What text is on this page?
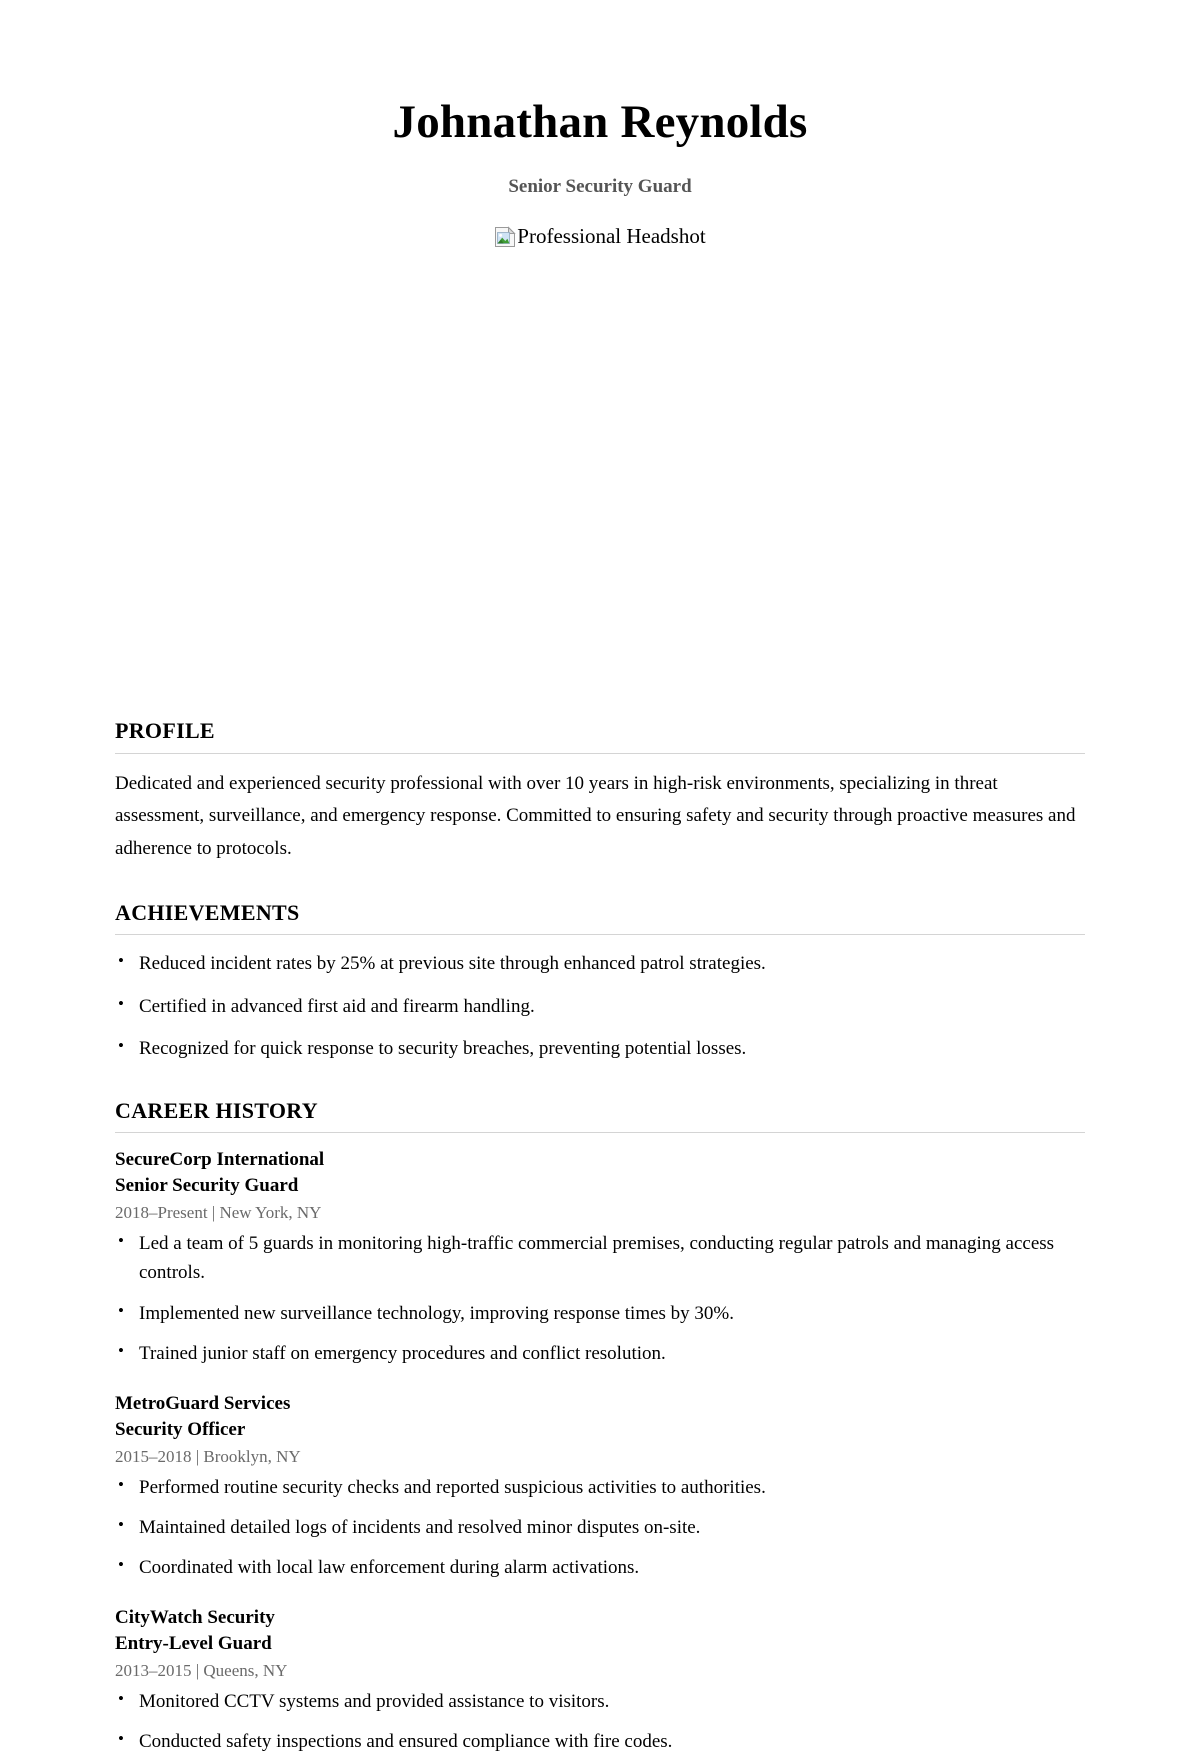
Johnathan Reynolds
Senior Security Guard
Professional Headshot
PROFILE

Dedicated and experienced security professional with over 10 years in high-risk environments, specializing in threat assessment, surveillance, and emergency response. Committed to ensuring safety and security through proactive measures and adherence to protocols.

ACHIEVEMENTS
• Reduced incident rates by 25% at previous site through enhanced patrol strategies.
• Certified in advanced first aid and firearm handling.
• Recognized for quick response to security breaches, preventing potential losses.
CAREER HISTORY
SecureCorp International
Senior Security Guard
2018–Present | New York, NY
• Led a team of 5 guards in monitoring high-traffic commercial premises, conducting regular patrols and managing access controls.
• Implemented new surveillance technology, improving response times by 30%.
• Trained junior staff on emergency procedures and conflict resolution.
MetroGuard Services
Security Officer
2015–2018 | Brooklyn, NY
• Performed routine security checks and reported suspicious activities to authorities.
• Maintained detailed logs of incidents and resolved minor disputes on-site.
• Coordinated with local law enforcement during alarm activations.
CityWatch Security
Entry-Level Guard
2013–2015 | Queens, NY
• Monitored CCTV systems and provided assistance to visitors.
• Conducted safety inspections and ensured compliance with fire codes.
